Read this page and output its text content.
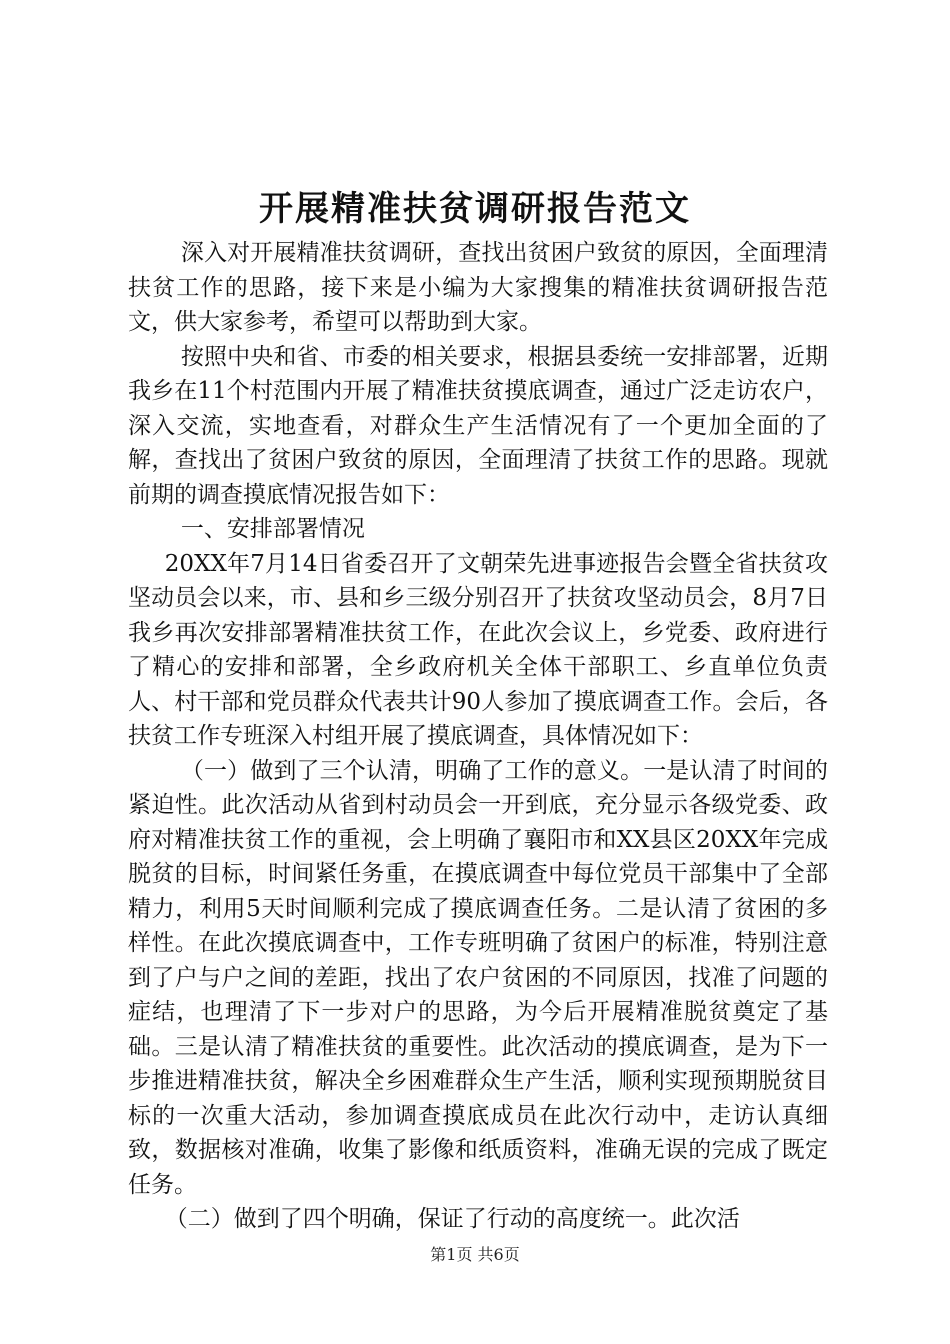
开展精准扶贫调研报告范文

深入对开展精准扶贫调研，查找出贫困户致贫的原因，全面理清扶贫工作的思路，接下来是小编为大家搜集的精准扶贫调研报告范文，供大家参考，希望可以帮助到大家。

按照中央和省、市委的相关要求，根据县委统一安排部署，近期我乡在11个村范围内开展了精准扶贫摸底调查，通过广泛走访农户，深入交流，实地查看，对群众生产生活情况有了一个更加全面的了解，查找出了贫困户致贫的原因，全面理清了扶贫工作的思路。现就前期的调查摸底情况报告如下：

一、安排部署情况

20XX年7月14日省委召开了文朝荣先进事迹报告会暨全省扶贫攻坚动员会以来，市、县和乡三级分别召开了扶贫攻坚动员会，8月7日我乡再次安排部署精准扶贫工作，在此次会议上，乡党委、政府进行了精心的安排和部署，全乡政府机关全体干部职工、乡直单位负责人、村干部和党员群众代表共计90人参加了摸底调查工作。会后，各扶贫工作专班深入村组开展了摸底调查，具体情况如下：

（一）做到了三个认清，明确了工作的意义。一是认清了时间的紧迫性。此次活动从省到村动员会一开到底，充分显示各级党委、政府对精准扶贫工作的重视，会上明确了襄阳市和XX县区20XX年完成脱贫的目标，时间紧任务重，在摸底调查中每位党员干部集中了全部精力，利用5天时间顺利完成了摸底调查任务。二是认清了贫困的多样性。在此次摸底调查中，工作专班明确了贫困户的标准，特别注意到了户与户之间的差距，找出了农户贫困的不同原因，找准了问题的症结，也理清了下一步对户的思路，为今后开展精准脱贫奠定了基础。三是认清了精准扶贫的重要性。此次活动的摸底调查，是为下一步推进精准扶贫，解决全乡困难群众生产生活，顺利实现预期脱贫目标的一次重大活动，参加调查摸底成员在此次行动中，走访认真细致，数据核对准确，收集了影像和纸质资料，准确无误的完成了既定任务。

（二）做到了四个明确，保证了行动的高度统一。此次活

第1页 共6页
